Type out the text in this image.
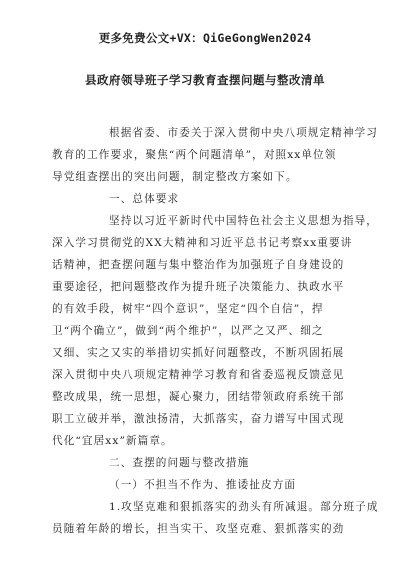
更多免费公文+VX：QiGeGongWen2024
县政府领导班子学习教育查摆问题与整改清单
根据省委、市委关于深入贯彻中央八项规定精神学习
教育的工作要求，聚焦“两个问题清单”，对照xx单位领
导党组查摆出的突出问题，制定整改方案如下。
一、总体要求
坚持以习近平新时代中国特色社会主义思想为指导，
深入学习贯彻党的XX大精神和习近平总书记考察xx重要讲
话精神，把查摆问题与集中整治作为加强班子自身建设的
重要途径，把问题整改作为提升班子决策能力、执政水平
的有效手段，树牢“四个意识”，坚定“四个自信”，捍
卫“两个确立”，做到“两个维护”，以严之又严、细之
又细、实之又实的举措切实抓好问题整改，不断巩固拓展
深入贯彻中央八项规定精神学习教育和省委巡视反馈意见
整改成果，统一思想，凝心聚力，团结带领政府系统干部
职工立破并举，激浊扬清，大抓落实，奋力谱写中国式现
代化“宜居xx”新篇章。
二、查摆的问题与整改措施
（一）不担当不作为、推诿扯皮方面
1.攻坚克难和狠抓落实的劲头有所减退。部分班子成
员随着年龄的增长，担当实干、攻坚克难、狠抓落实的劲
